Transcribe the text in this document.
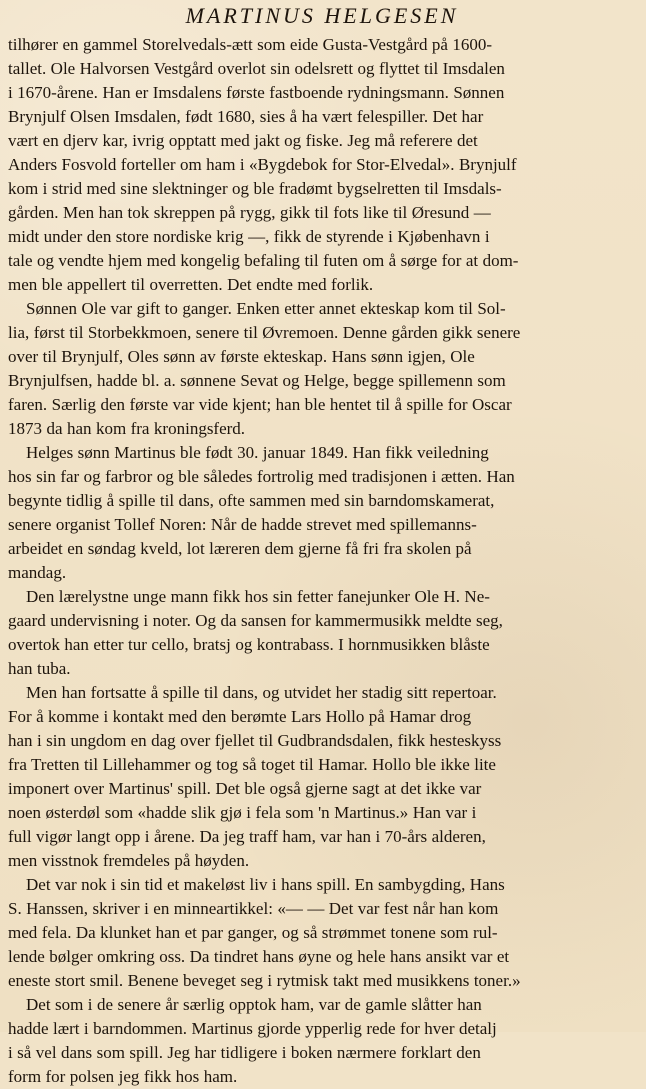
MARTINUS HELGESEN
tilhører en gammel Storelvedals-ætt som eide Gusta-Vestgård på 1600-
tallet. Ole Halvorsen Vestgård overlot sin odelsrett og flyttet til Imsdalen
i 1670-årene. Han er Imsdalens første fastboende rydningsmann. Sønnen
Brynjulf Olsen Imsdalen, født 1680, sies å ha vært felespiller. Det har
vært en djerv kar, ivrig opptatt med jakt og fiske. Jeg må referere det
Anders Fosvold forteller om ham i «Bygdebok for Stor-Elvedal». Brynjulf
kom i strid med sine slektninger og ble fradømt bygselretten til Imsdals-
gården. Men han tok skreppen på rygg, gikk til fots like til Øresund —
midt under den store nordiske krig —, fikk de styrende i Kjøbenhavn i
tale og vendte hjem med kongelig befaling til futen om å sørge for at dom-
men ble appellert til overretten. Det endte med forlik.
Sønnen Ole var gift to ganger. Enken etter annet ekteskap kom til Sol-
lia, først til Storbekkmoen, senere til Øvremoen. Denne gården gikk senere
over til Brynjulf, Oles sønn av første ekteskap. Hans sønn igjen, Ole
Brynjulfsen, hadde bl. a. sønnene Sevat og Helge, begge spillemenn som
faren. Særlig den første var vide kjent; han ble hentet til å spille for Oscar
1873 da han kom fra kroningsferd.
Helges sønn Martinus ble født 30. januar 1849. Han fikk veiledning
hos sin far og farbror og ble således fortrolig med tradisjonen i ætten. Han
begynte tidlig å spille til dans, ofte sammen med sin barndomskamerat,
senere organist Tollef Noren: Når de hadde strevet med spillemanns-
arbeidet en søndag kveld, lot læreren dem gjerne få fri fra skolen på
mandag.
Den lærelystne unge mann fikk hos sin fetter fanejunker Ole H. Ne-
gaard undervisning i noter. Og da sansen for kammermusikk meldte seg,
overtok han etter tur cello, bratsj og kontrabass. I hornmusikken blåste
han tuba.
Men han fortsatte å spille til dans, og utvidet her stadig sitt repertoar.
For å komme i kontakt med den berømte Lars Hollo på Hamar drog
han i sin ungdom en dag over fjellet til Gudbrandsdalen, fikk hesteskyss
fra Tretten til Lillehammer og tog så toget til Hamar. Hollo ble ikke lite
imponert over Martinus' spill. Det ble også gjerne sagt at det ikke var
noen østerdøl som «hadde slik gjø i fela som 'n Martinus.» Han var i
full vigør langt opp i årene. Da jeg traff ham, var han i 70-års alderen,
men visstnok fremdeles på høyden.
Det var nok i sin tid et makeløst liv i hans spill. En sambygding, Hans
S. Hanssen, skriver i en minneartikkel: «— — Det var fest når han kom
med fela. Da klunket han et par ganger, og så strømmet tonene som rul-
lende bølger omkring oss. Da tindret hans øyne og hele hans ansikt var et
eneste stort smil. Benene beveget seg i rytmisk takt med musikkens toner.»
Det som i de senere år særlig opptok ham, var de gamle slåtter han
hadde lært i barndommen. Martinus gjorde ypperlig rede for hver detalj
i så vel dans som spill. Jeg har tidligere i boken nærmere forklart den
form for polsen jeg fikk hos ham.
